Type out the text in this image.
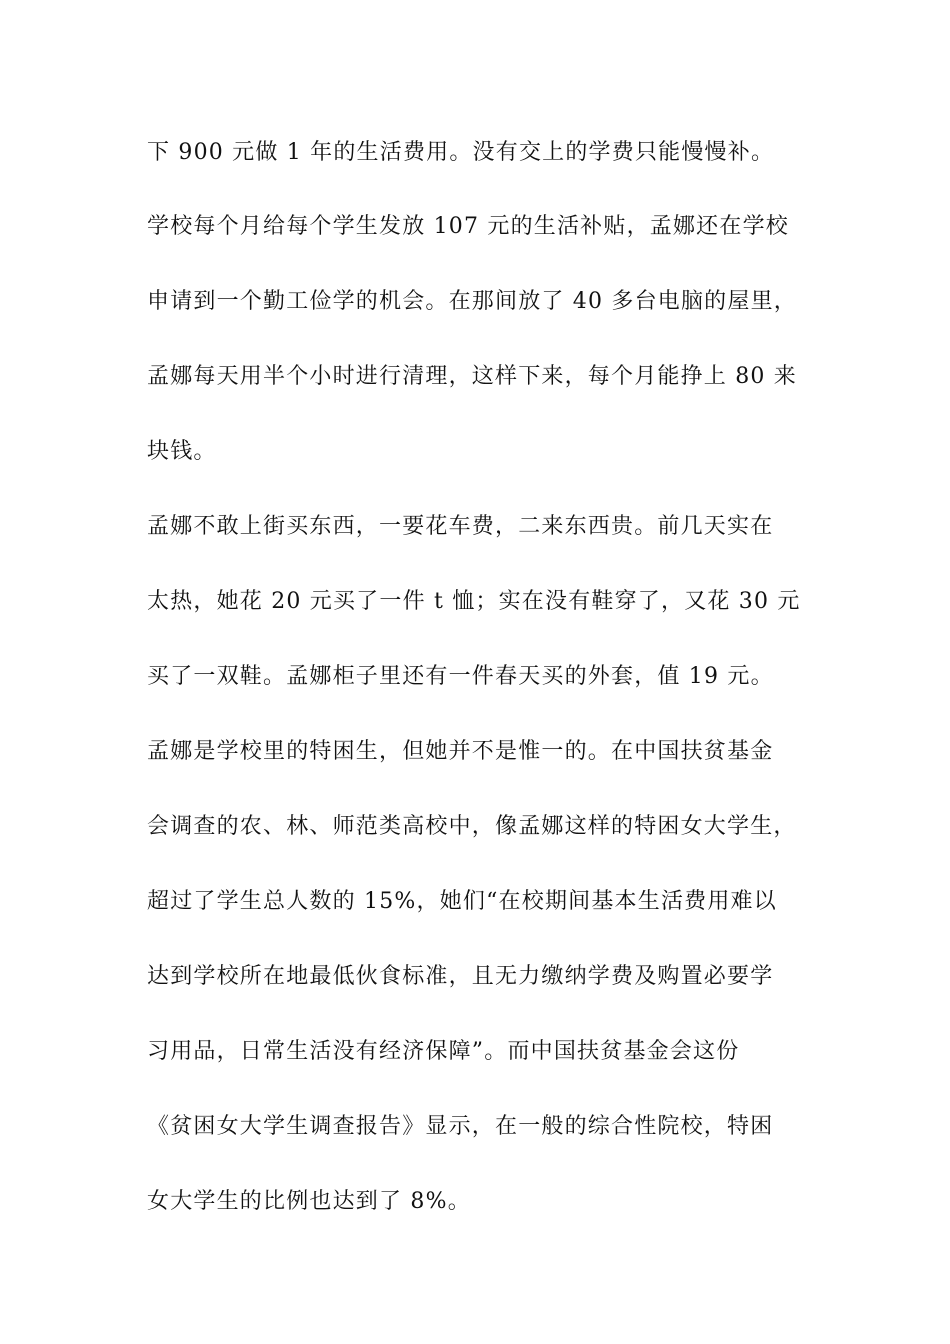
下 900 元做 1 年的生活费用。没有交上的学费只能慢慢补。
学校每个月给每个学生发放 107 元的生活补贴，孟娜还在学校
申请到一个勤工俭学的机会。在那间放了 40 多台电脑的屋里，
孟娜每天用半个小时进行清理，这样下来，每个月能挣上 80 来
块钱。
孟娜不敢上街买东西，一要花车费，二来东西贵。前几天实在
太热，她花 20 元买了一件 t 恤；实在没有鞋穿了，又花 30 元
买了一双鞋。孟娜柜子里还有一件春天买的外套，值 19 元。
孟娜是学校里的特困生，但她并不是惟一的。在中国扶贫基金
会调查的农、林、师范类高校中，像孟娜这样的特困女大学生，
超过了学生总人数的 15%，她们“在校期间基本生活费用难以
达到学校所在地最低伙食标准，且无力缴纳学费及购置必要学
习用品，日常生活没有经济保障”。而中国扶贫基金会这份
《贫困女大学生调查报告》显示，在一般的综合性院校，特困
女大学生的比例也达到了 8%。
